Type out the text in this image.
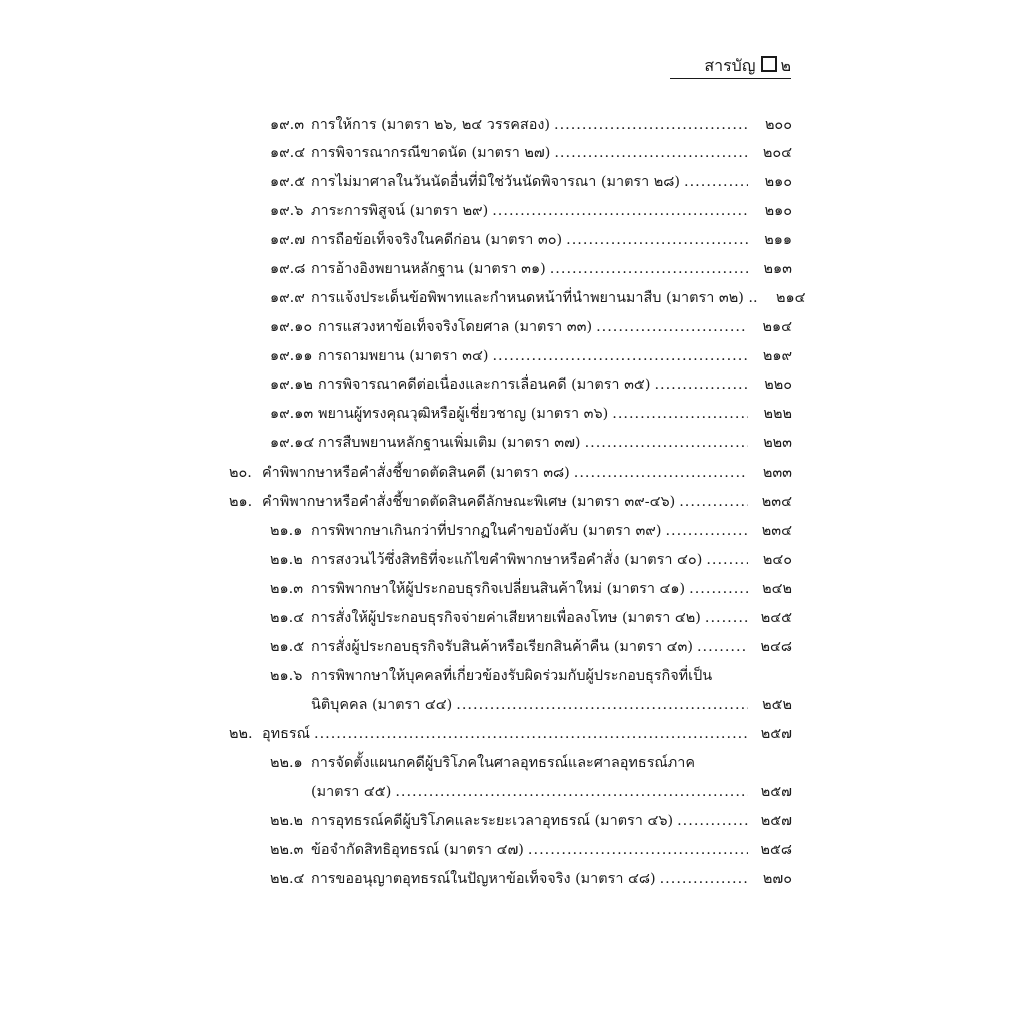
สารบัญ ๒
๑๙.๓ การให้การ (มาตรา ๒๖, ๒๔ วรรคสอง) .....	๒๐๐
๑๙.๔ การพิจารณากรณีขาดนัด (มาตรา ๒๗) .....	๒๐๔
๑๙.๕ การไม่มาศาลในวันนัดอื่นที่มิใช่วันนัดพิจารณา (มาตรา ๒๘) .....	๒๑๐
๑๙.๖ ภาระการพิสูจน์ (มาตรา ๒๙) .....	๒๑๐
๑๙.๗ การถือข้อเท็จจริงในคดีก่อน (มาตรา ๓๐) .....	๒๑๑
๑๙.๘ การอ้างอิงพยานหลักฐาน (มาตรา ๓๑) .....	๒๑๓
๑๙.๙ การแจ้งประเด็นข้อพิพาทและกำหนดหน้าที่นำพยานมาสืบ (มาตรา ๓๒) ..	๒๑๔
๑๙.๑๐ การแสวงหาข้อเท็จจริงโดยศาล (มาตรา ๓๓) .....	๒๑๔
๑๙.๑๑ การถามพยาน (มาตรา ๓๔) .....	๒๑๙
๑๙.๑๒ การพิจารณาคดีต่อเนื่องและการเลื่อนคดี (มาตรา ๓๕) .....	๒๒๐
๑๙.๑๓ พยานผู้ทรงคุณวุฒิหรือผู้เชี่ยวชาญ (มาตรา ๓๖) .....	๒๒๒
๑๙.๑๔ การสืบพยานหลักฐานเพิ่มเติม (มาตรา ๓๗) .....	๒๒๓
๒๐. คำพิพากษาหรือคำสั่งชี้ขาดตัดสินคดี (มาตรา ๓๘) .....	๒๓๓
๒๑. คำพิพากษาหรือคำสั่งชี้ขาดตัดสินคดีลักษณะพิเศษ (มาตรา ๓๙-๔๖) .....	๒๓๔
๒๑.๑ การพิพากษาเกินกว่าที่ปรากฏในคำขอบังคับ (มาตรา ๓๙) .....	๒๓๔
๒๑.๒ การสงวนไว้ซึ่งสิทธิที่จะแก้ไขคำพิพากษาหรือคำสั่ง (มาตรา ๔๐) .....	๒๔๐
๒๑.๓ การพิพากษาให้ผู้ประกอบธุรกิจเปลี่ยนสินค้าใหม่ (มาตรา ๔๑) .....	๒๔๒
๒๑.๔ การสั่งให้ผู้ประกอบธุรกิจจ่ายค่าเสียหายเพื่อลงโทษ (มาตรา ๔๒) .....	๒๔๕
๒๑.๕ การสั่งผู้ประกอบธุรกิจรับสินค้าหรือเรียกสินค้าคืน (มาตรา ๔๓) .....	๒๔๘
๒๑.๖ การพิพากษาให้บุคคลที่เกี่ยวข้องรับผิดร่วมกับผู้ประกอบธุรกิจที่เป็น
นิติบุคคล (มาตรา ๔๔) .....	๒๕๒
๒๒. อุทธรณ์ .....	๒๕๗
๒๒.๑ การจัดตั้งแผนกคดีผู้บริโภคในศาลอุทธรณ์และศาลอุทธรณ์ภาค
(มาตรา ๔๕) .....	๒๕๗
๒๒.๒ การอุทธรณ์คดีผู้บริโภคและระยะเวลาอุทธรณ์ (มาตรา ๔๖) .....	๒๕๗
๒๒.๓ ข้อจำกัดสิทธิอุทธรณ์ (มาตรา ๔๗) .....	๒๕๘
๒๒.๔ การขออนุญาตอุทธรณ์ในปัญหาข้อเท็จจริง (มาตรา ๔๘) .....	๒๗๐
